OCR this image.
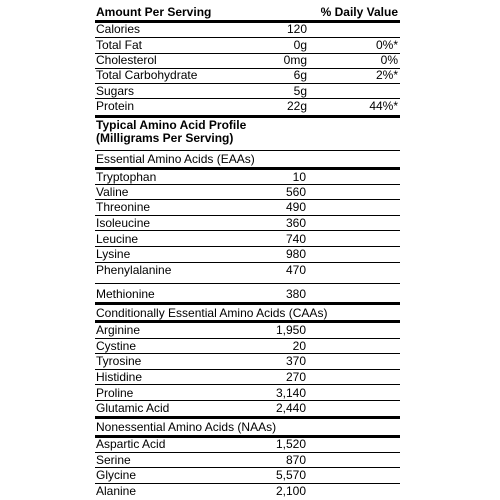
Amount Per Serving	% Daily Value
Calories	120
Total Fat	0g	0%*
Cholesterol	0mg	0%
Total Carbohydrate	6g	2%*
Sugars	5g
Protein	22g	44%*
Typical Amino Acid Profile
(Milligrams Per Serving)
Essential Amino Acids (EAAs)
Tryptophan	10
Valine	560
Threonine	490
Isoleucine	360
Leucine	740
Lysine	980
Phenylalanine	470
Methionine	380
Conditionally Essential Amino Acids (CAAs)
Arginine	1,950
Cystine	20
Tyrosine	370
Histidine	270
Proline	3,140
Glutamic Acid	2,440
Nonessential Amino Acids (NAAs)
Aspartic Acid	1,520
Serine	870
Glycine	5,570
Alanine	2,100
